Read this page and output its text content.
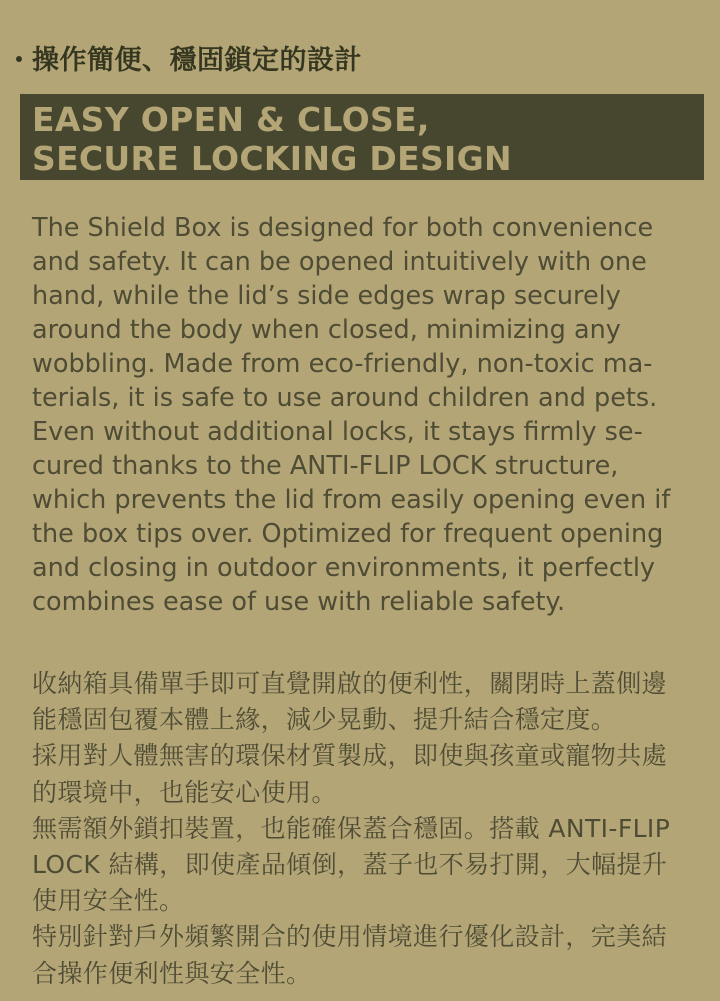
操作簡便、穩固鎖定的設計
EASY OPEN & CLOSE,
SECURE LOCKING DESIGN
The Shield Box is designed for both convenience
and safety. It can be opened intuitively with one
hand, while the lid’s side edges wrap securely
around the body when closed, minimizing any
wobbling. Made from eco-friendly, non-toxic ma-
terials, it is safe to use around children and pets.
Even without additional locks, it stays firmly se-
cured thanks to the ANTI-FLIP LOCK structure,
which prevents the lid from easily opening even if
the box tips over. Optimized for frequent opening
and closing in outdoor environments, it perfectly
combines ease of use with reliable safety.
收納箱具備單手即可直覺開啟的便利性，關閉時上蓋側邊
能穩固包覆本體上緣，減少晃動、提升結合穩定度。
採用對人體無害的環保材質製成，即使與孩童或寵物共處
的環境中，也能安心使用。
無需額外鎖扣裝置，也能確保蓋合穩固。搭載 ANTI-FLIP
LOCK 結構，即使產品傾倒，蓋子也不易打開，大幅提升
使用安全性。
特別針對戶外頻繁開合的使用情境進行優化設計，完美結
合操作便利性與安全性。
